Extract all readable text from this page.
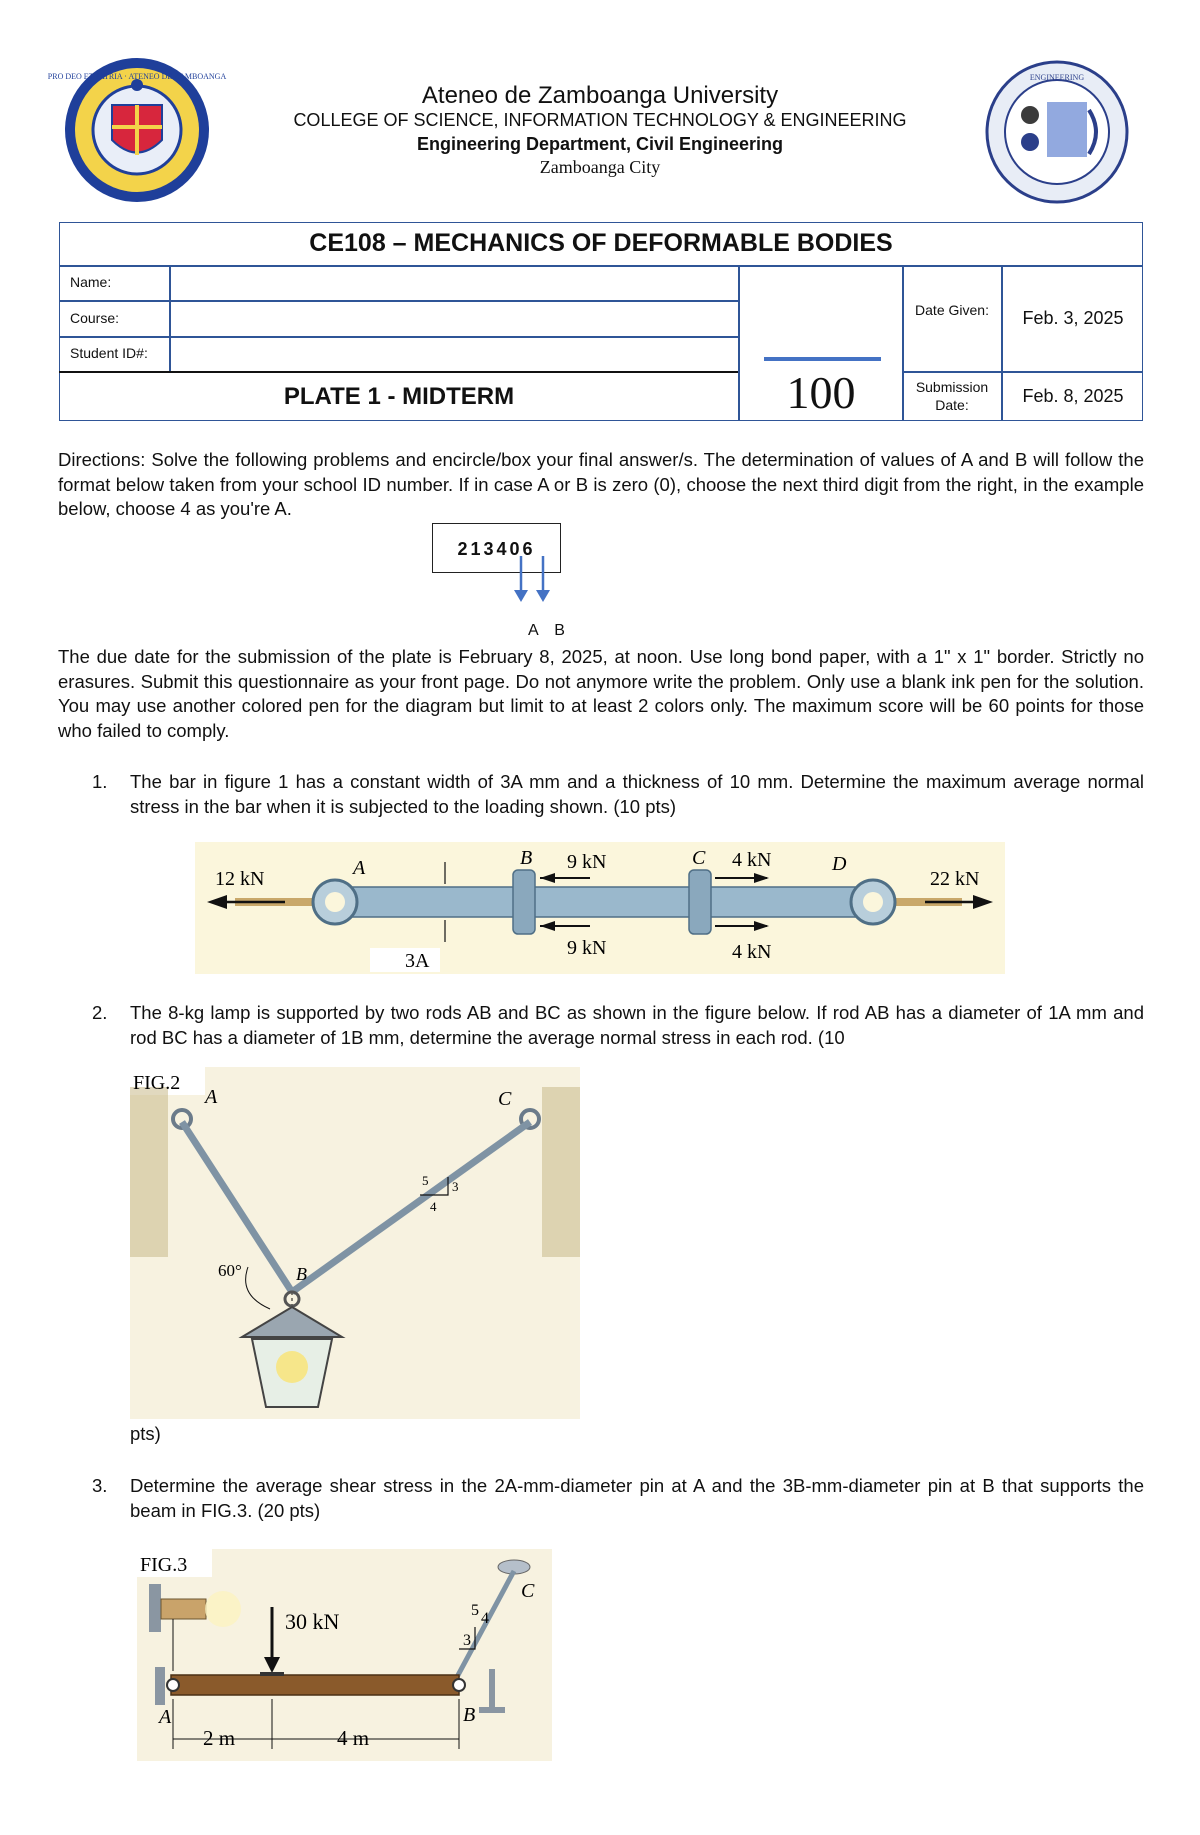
PRO DEO ET PATRIA · ATENEO DE ZAMBOANGA	ENGINEERING
Ateneo de Zamboanga University
COLLEGE OF SCIENCE, INFORMATION TECHNOLOGY & ENGINEERING
Engineering Department, Civil Engineering
Zamboanga City
CE108 – MECHANICS OF DEFORMABLE BODIES
Name:
Course:
Student ID#:
PLATE 1 - MIDTERM	100
Date Given:	Feb. 3, 2025
Submission Date:	Feb. 8, 2025
Directions: Solve the following problems and encircle/box your final answer/s. The determination of values of A and B will follow the format below taken from your school ID number. If in case A or B is zero (0), choose the next third digit from the right, in the example below, choose 4 as you're A.
213406
A B
The due date for the submission of the plate is February 8, 2025, at noon. Use long bond paper, with a 1" x 1" border. Strictly no erasures. Submit this questionnaire as your front page. Do not anymore write the problem. Only use a blank ink pen for the solution. You may use another colored pen for the diagram but limit to at least 2 colors only. The maximum score will be 60 points for those who failed to comply.
1. The bar in figure 1 has a constant width of 3A mm and a thickness of 10 mm. Determine the maximum average normal stress in the bar when it is subjected to the loading shown. (10 pts)
12 kN	22 kN
A	B	C	D
9 kN
9 kN
4 kN
4 kN
3A
2. The 8-kg lamp is supported by two rods AB and BC as shown in the figure below. If rod AB has a diameter of 1A mm and rod BC has a diameter of 1B mm, determine the average normal stress in each rod. (10
FIG.2
A	C
B
60°
5
4
3
pts)
3. Determine the average shear stress in the 2A-mm-diameter pin at A and the 3B-mm-diameter pin at B that supports the beam in FIG.3. (20 pts)
FIG.3
30 kN
A	B
C
2 m	4 m
5 4
3
